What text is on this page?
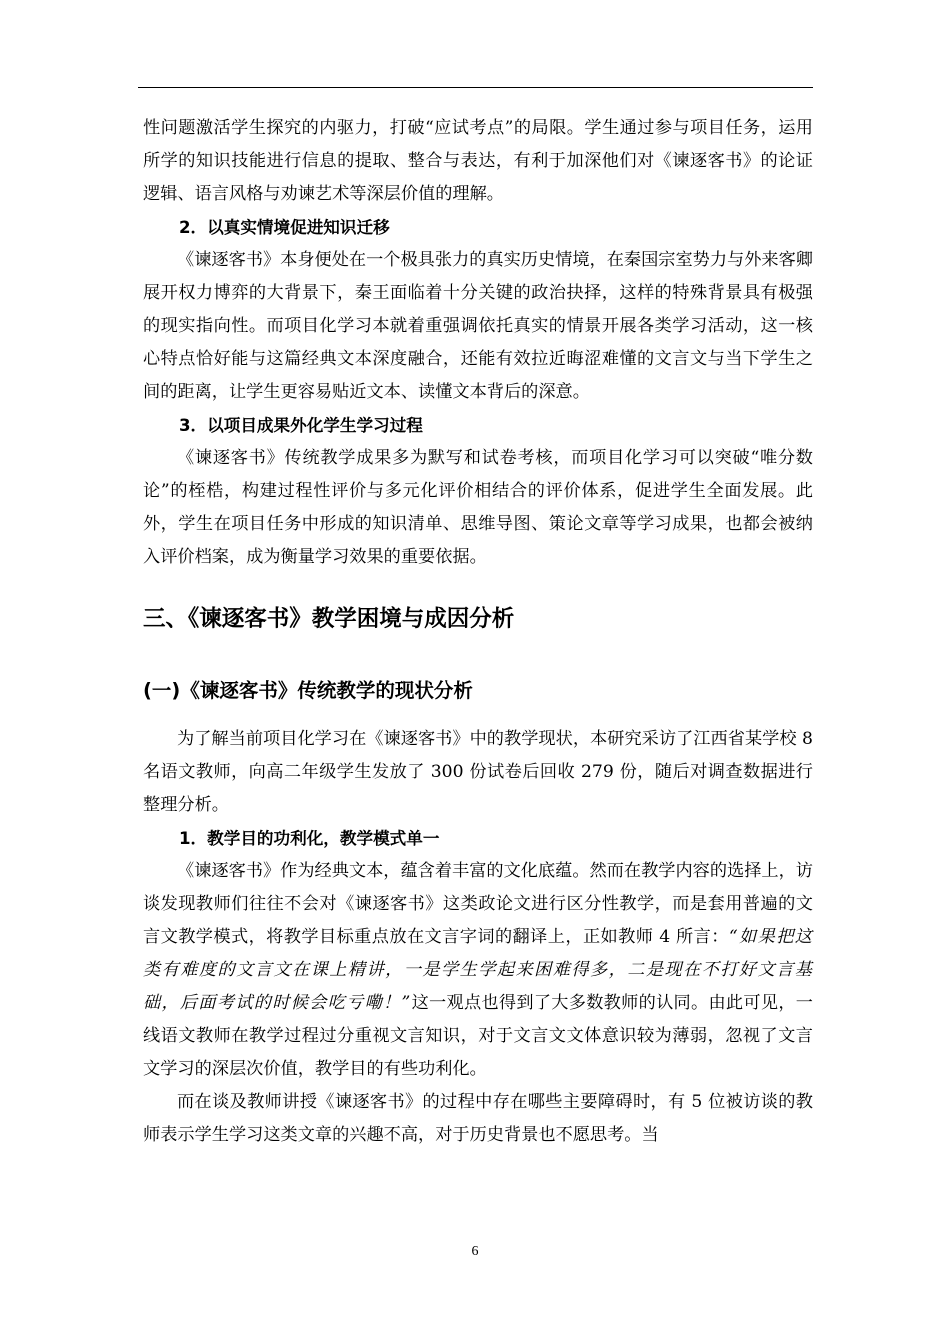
性问题激活学生探究的内驱力，打破“应试考点”的局限。学生通过参与项目任务，运用所学的知识技能进行信息的提取、整合与表达，有利于加深他们对《谏逐客书》的论证逻辑、语言风格与劝谏艺术等深层价值的理解。

2．以真实情境促进知识迁移

《谏逐客书》本身便处在一个极具张力的真实历史情境，在秦国宗室势力与外来客卿展开权力博弈的大背景下，秦王面临着十分关键的政治抉择，这样的特殊背景具有极强的现实指向性。而项目化学习本就着重强调依托真实的情景开展各类学习活动，这一核心特点恰好能与这篇经典文本深度融合，还能有效拉近晦涩难懂的文言文与当下学生之间的距离，让学生更容易贴近文本、读懂文本背后的深意。

3．以项目成果外化学生学习过程

《谏逐客书》传统教学成果多为默写和试卷考核，而项目化学习可以突破“唯分数论”的桎梏，构建过程性评价与多元化评价相结合的评价体系，促进学生全面发展。此外，学生在项目任务中形成的知识清单、思维导图、策论文章等学习成果，也都会被纳入评价档案，成为衡量学习效果的重要依据。

三、《谏逐客书》教学困境与成因分析

(一)《谏逐客书》传统教学的现状分析

为了解当前项目化学习在《谏逐客书》中的教学现状，本研究采访了江西省某学校 8 名语文教师，向高二年级学生发放了 300 份试卷后回收 279 份，随后对调查数据进行整理分析。

1．教学目的功利化，教学模式单一

《谏逐客书》作为经典文本，蕴含着丰富的文化底蕴。然而在教学内容的选择上，访谈发现教师们往往不会对《谏逐客书》这类政论文进行区分性教学，而是套用普遍的文言文教学模式，将教学目标重点放在文言字词的翻译上，正如教师 4 所言：“如果把这类有难度的文言文在课上精讲，一是学生学起来困难得多，二是现在不打好文言基础，后面考试的时候会吃亏嘞！”这一观点也得到了大多数教师的认同。由此可见，一线语文教师在教学过程过分重视文言知识，对于文言文文体意识较为薄弱，忽视了文言文学习的深层次价值，教学目的有些功利化。

而在谈及教师讲授《谏逐客书》的过程中存在哪些主要障碍时，有 5 位被访谈的教师表示学生学习这类文章的兴趣不高，对于历史背景也不愿思考。当

6
